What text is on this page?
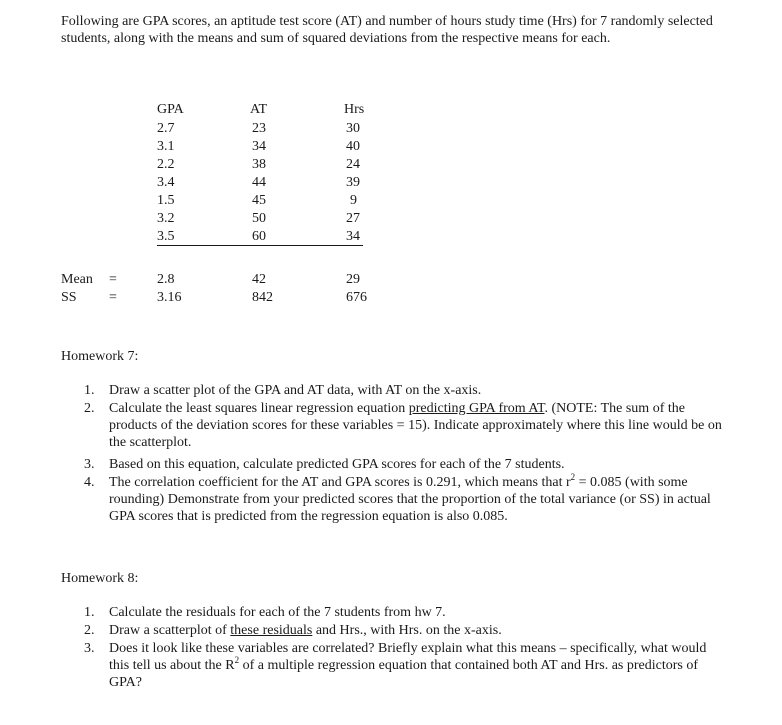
Following are GPA scores, an aptitude test score (AT) and number of hours study time (Hrs) for 7 randomly selected students, along with the means and sum of squared deviations from the respective means for each.

GPA	AT	Hrs
2.7	23	30
3.1	34	40
2.2	38	24
3.4	44	39
1.5	45	9
3.2	50	27
3.5	60	34
Mean =	2.8	42	29
SS =	3.16	842	676

Homework 7:

1. Draw a scatter plot of the GPA and AT data, with AT on the x-axis.
2. Calculate the least squares linear regression equation predicting GPA from AT. (NOTE: The sum of the products of the deviation scores for these variables = 15). Indicate approximately where this line would be on the scatterplot.
3. Based on this equation, calculate predicted GPA scores for each of the 7 students.
4. The correlation coefficient for the AT and GPA scores is 0.291, which means that $r^2 = 0.085$ (with some rounding) Demonstrate from your predicted scores that the proportion of the total variance (or SS) in actual GPA scores that is predicted from the regression equation is also 0.085.

Homework 8:

1. Calculate the residuals for each of the 7 students from hw 7.
2. Draw a scatterplot of these residuals and Hrs., with Hrs. on the x-axis.
3. Does it look like these variables are correlated? Briefly explain what this means – specifically, what would this tell us about the $R^2$ of a multiple regression equation that contained both AT and Hrs. as predictors of GPA?
